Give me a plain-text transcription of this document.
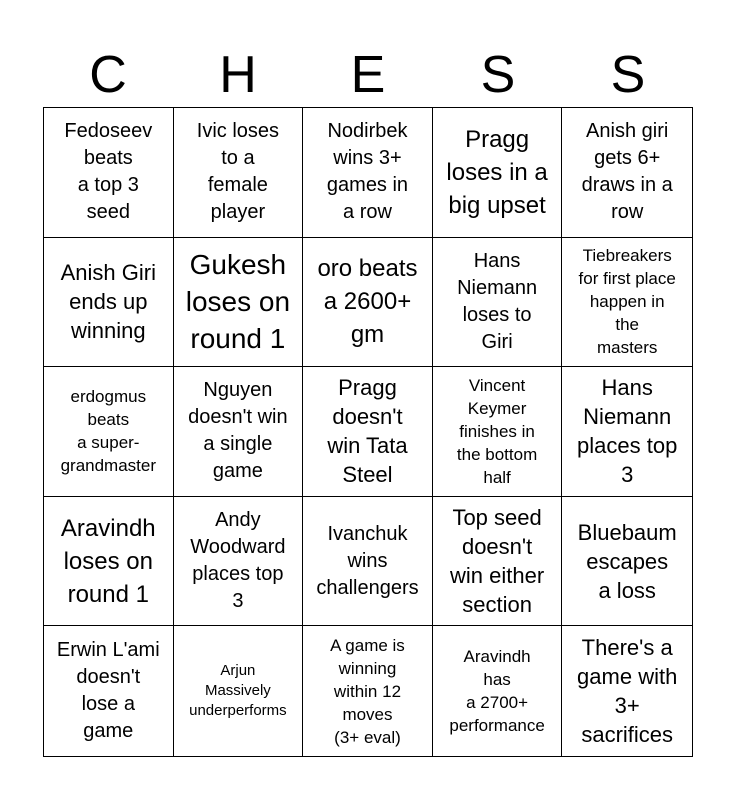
C	H	E	S	S
Fedoseev
beats
a top 3
seed
Ivic loses
to a
female
player
Nodirbek
wins 3+
games in
a row
Pragg
loses in a
big upset
Anish giri
gets 6+
draws in a
row
Anish Giri
ends up
winning
Gukesh
loses on
round 1
oro beats
a 2600+
gm
Hans
Niemann
loses to
Giri
Tiebreakers
for first place
happen in
the
masters
erdogmus
beats
a super-
grandmaster
Nguyen
doesn't win
a single
game
Pragg
doesn't
win Tata
Steel
Vincent
Keymer
finishes in
the bottom
half
Hans
Niemann
places top
3
Aravindh
loses on
round 1
Andy
Woodward
places top
3
Ivanchuk
wins
challengers
Top seed
doesn't
win either
section
Bluebaum
escapes
a loss
Erwin L'ami
doesn't
lose a
game
Arjun
Massively
underperforms
A game is
winning
within 12
moves
(3+ eval)
Aravindh
has
a 2700+
performance
There's a
game with
3+
sacrifices
